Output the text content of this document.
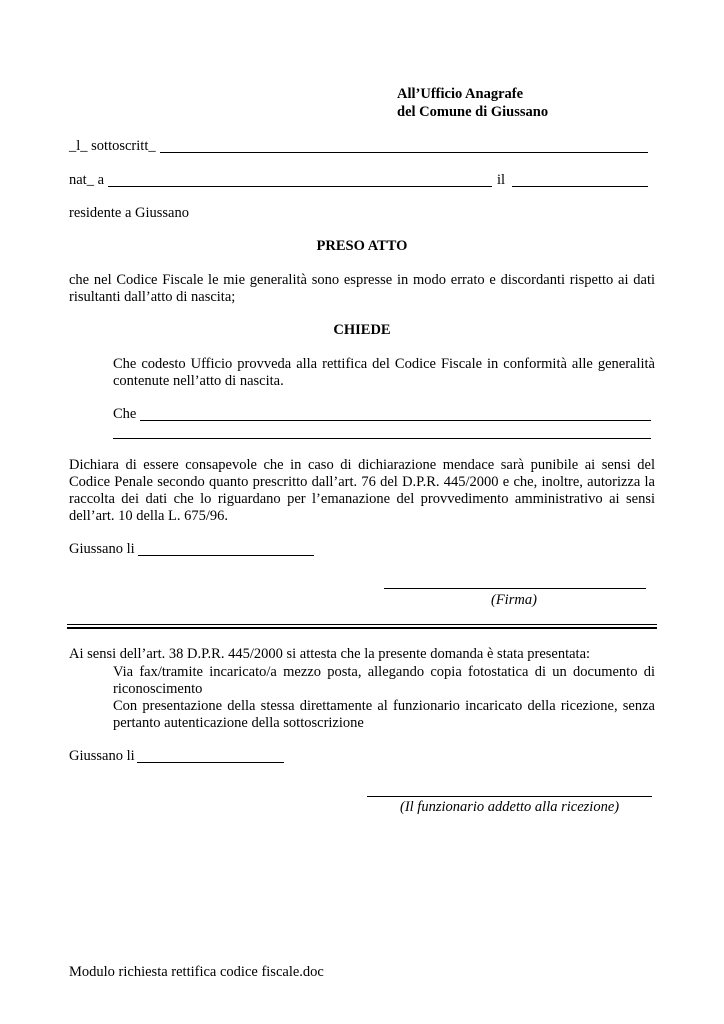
All’Ufficio Anagrafe
del Comune di Giussano
_l_ sottoscritt_
nat_ a	il
residente a Giussano
PRESO ATTO
che nel Codice Fiscale le mie generalità sono espresse in modo errato e discordanti rispetto ai dati
risultanti dall’atto di nascita;
CHIEDE
Che codesto Ufficio provveda alla rettifica del Codice Fiscale in conformità alle generalità
contenute nell’atto di nascita.
Che
Dichiara di essere consapevole che in caso di dichiarazione mendace sarà punibile ai sensi del
Codice Penale secondo quanto prescritto dall’art. 76 del D.P.R. 445/2000 e che, inoltre, autorizza la
raccolta dei dati che lo riguardano per l’emanazione del provvedimento amministrativo ai sensi
dell’art. 10 della L. 675/96.
Giussano li
(Firma)
Ai sensi dell’art. 38 D.P.R. 445/2000 si attesta che la presente domanda è stata presentata:
Via fax/tramite incaricato/a mezzo posta, allegando copia fotostatica di un documento di
riconoscimento
Con presentazione della stessa direttamente al funzionario incaricato della ricezione, senza
pertanto autenticazione della sottoscrizione
Giussano li
(Il funzionario addetto alla ricezione)
Modulo richiesta rettifica codice fiscale.doc
